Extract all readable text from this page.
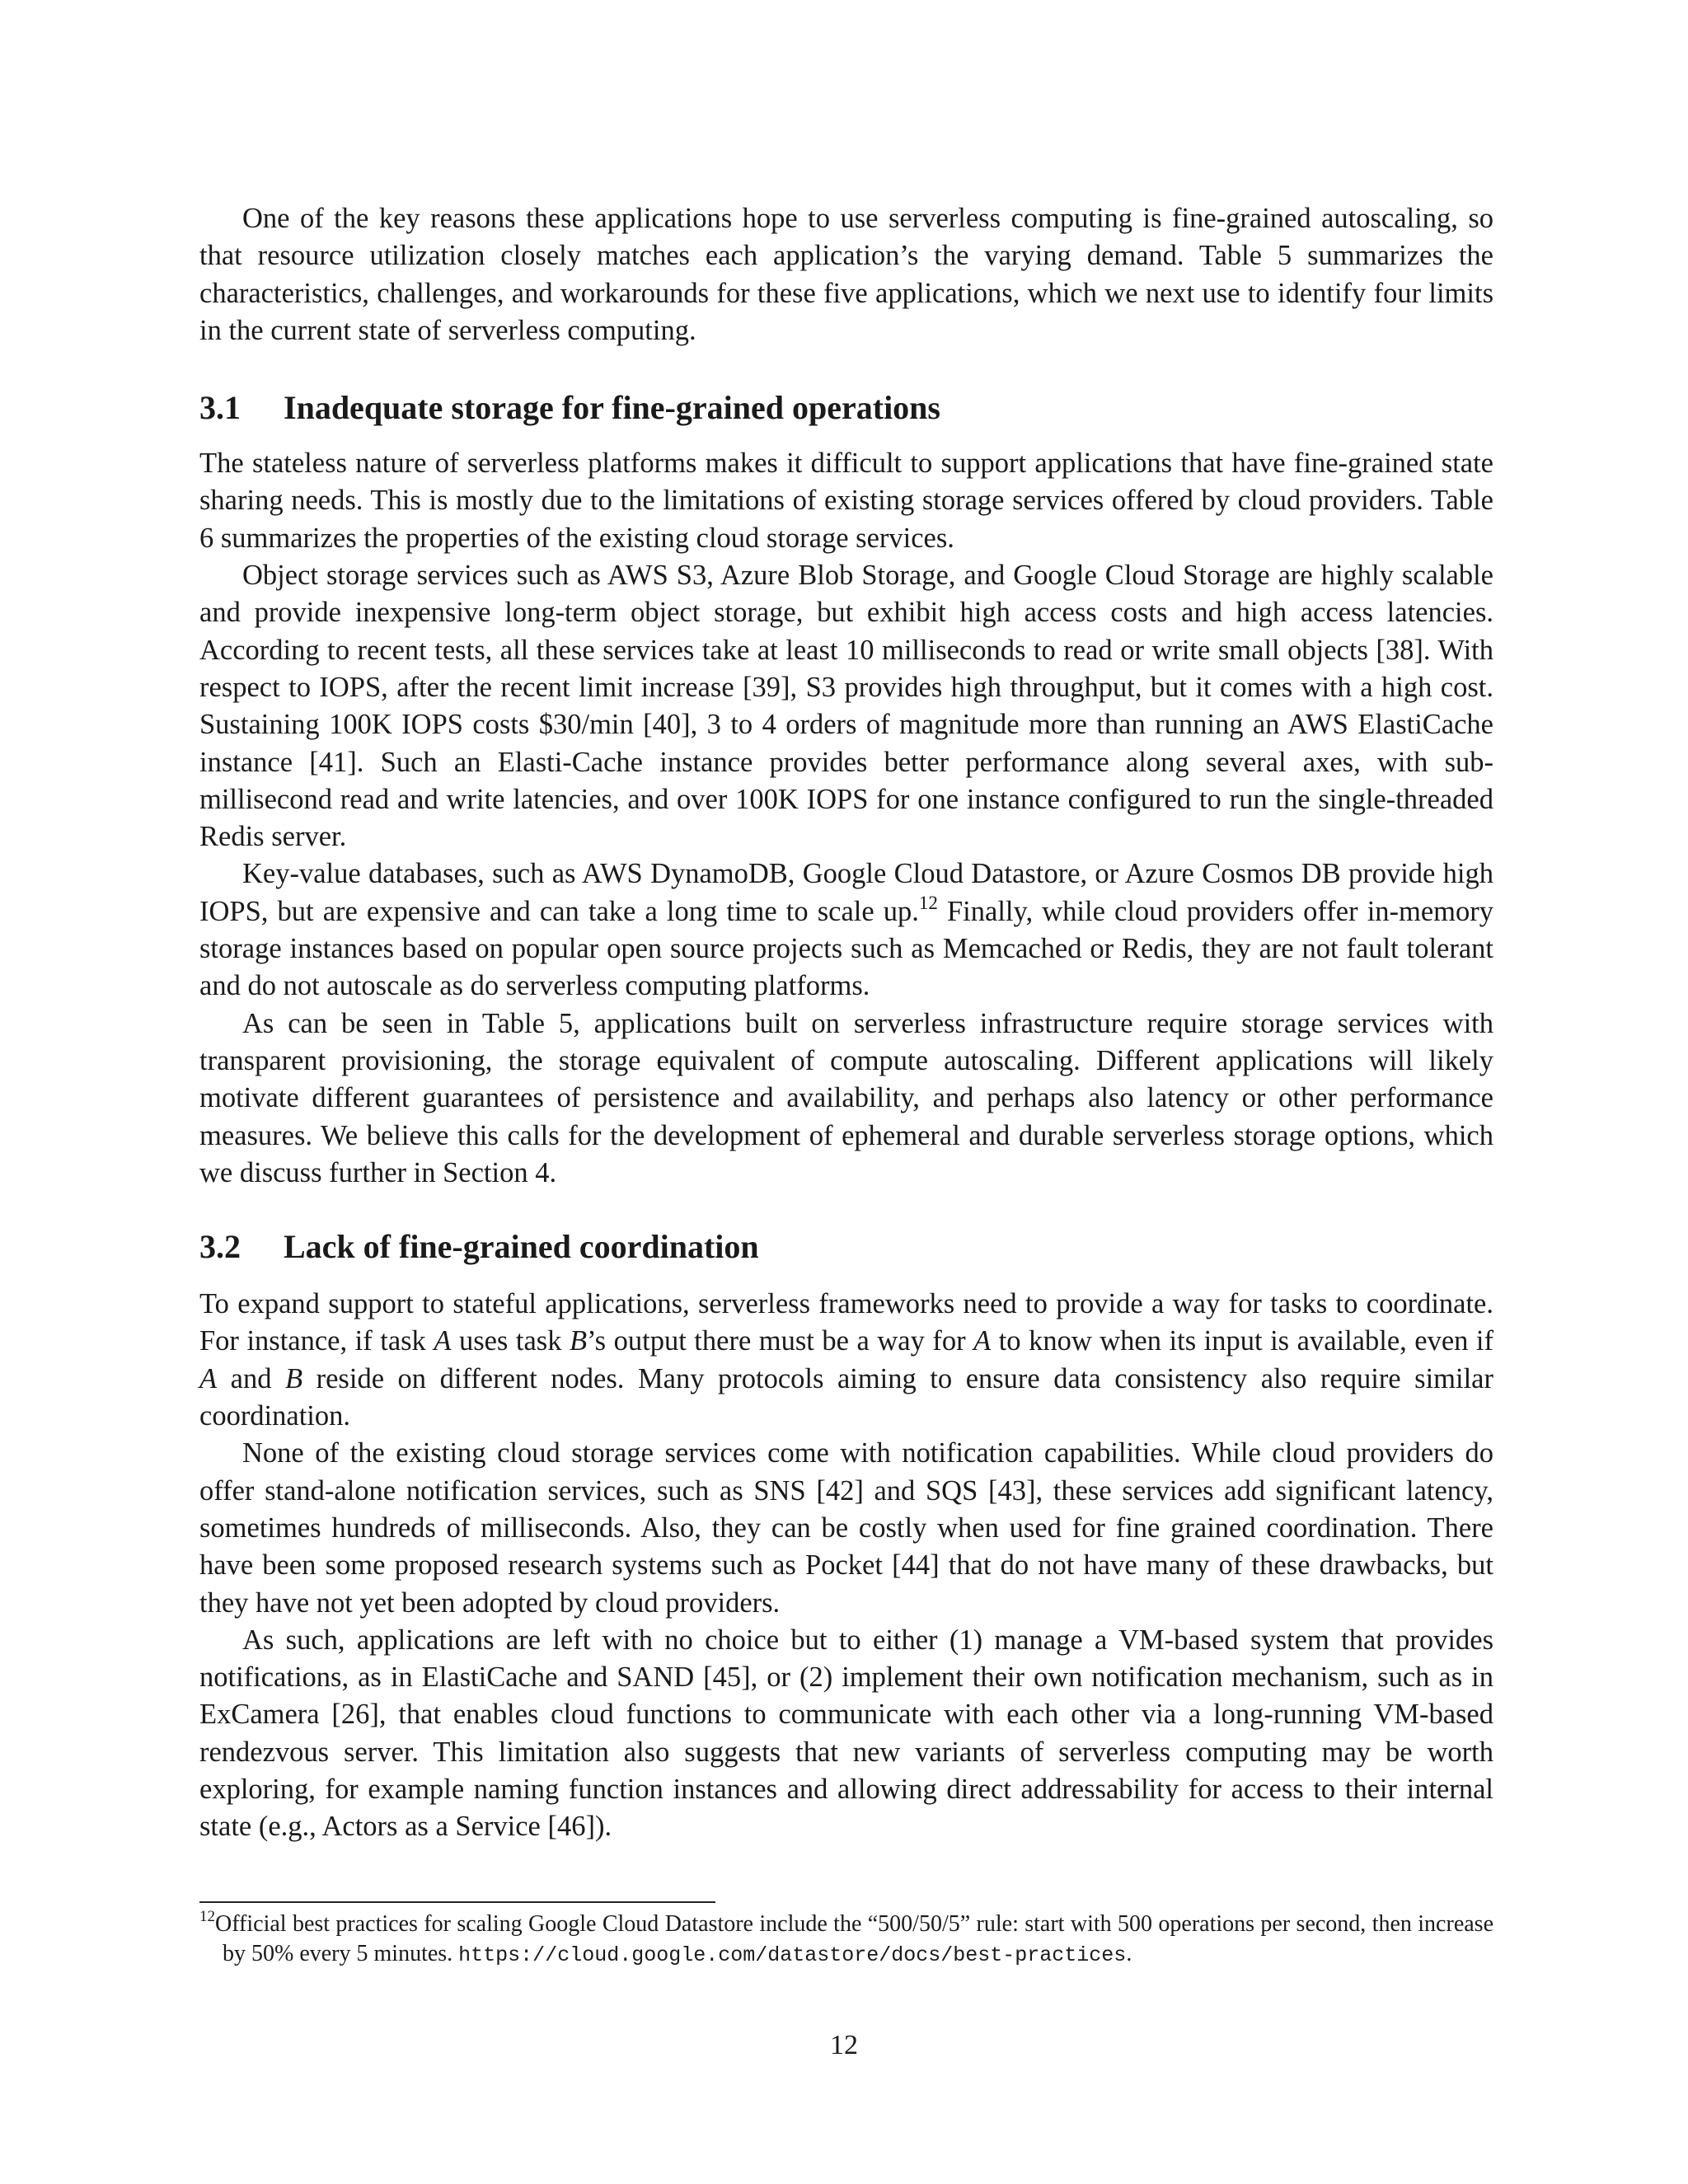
One of the key reasons these applications hope to use serverless computing is fine-grained autoscaling, so that resource utilization closely matches each application’s the varying demand. Table 5 summarizes the characteristics, challenges, and workarounds for these five applications, which we next use to identify four limits in the current state of serverless computing.

3.1 Inadequate storage for fine-grained operations

The stateless nature of serverless platforms makes it difficult to support applications that have fine-grained state sharing needs. This is mostly due to the limitations of existing storage services offered by cloud providers. Table 6 summarizes the properties of the existing cloud storage services.

Object storage services such as AWS S3, Azure Blob Storage, and Google Cloud Storage are highly scalable and provide inexpensive long-term object storage, but exhibit high access costs and high access latencies. According to recent tests, all these services take at least 10 milliseconds to read or write small objects [38]. With respect to IOPS, after the recent limit increase [39], S3 provides high throughput, but it comes with a high cost. Sustaining 100K IOPS costs $30/min [40], 3 to 4 orders of magnitude more than running an AWS ElastiCache instance [41]. Such an Elasti-Cache instance provides better performance along several axes, with sub-millisecond read and write latencies, and over 100K IOPS for one instance configured to run the single-threaded Redis server.

Key-value databases, such as AWS DynamoDB, Google Cloud Datastore, or Azure Cosmos DB provide high IOPS, but are expensive and can take a long time to scale up.$^{12}$ Finally, while cloud providers offer in-memory storage instances based on popular open source projects such as Memcached or Redis, they are not fault tolerant and do not autoscale as do serverless computing platforms.

As can be seen in Table 5, applications built on serverless infrastructure require storage services with transparent provisioning, the storage equivalent of compute autoscaling. Different applications will likely motivate different guarantees of persistence and availability, and perhaps also latency or other performance measures. We believe this calls for the development of ephemeral and durable serverless storage options, which we discuss further in Section 4.

3.2 Lack of fine-grained coordination

To expand support to stateful applications, serverless frameworks need to provide a way for tasks to coordinate. For instance, if task A uses task B’s output there must be a way for A to know when its input is available, even if A and B reside on different nodes. Many protocols aiming to ensure data consistency also require similar coordination.

None of the existing cloud storage services come with notification capabilities. While cloud providers do offer stand-alone notification services, such as SNS [42] and SQS [43], these services add significant latency, sometimes hundreds of milliseconds. Also, they can be costly when used for fine grained coordination. There have been some proposed research systems such as Pocket [44] that do not have many of these drawbacks, but they have not yet been adopted by cloud providers.

As such, applications are left with no choice but to either (1) manage a VM-based system that provides notifications, as in ElastiCache and SAND [45], or (2) implement their own notification mechanism, such as in ExCamera [26], that enables cloud functions to communicate with each other via a long-running VM-based rendezvous server. This limitation also suggests that new variants of serverless computing may be worth exploring, for example naming function instances and allowing direct addressability for access to their internal state (e.g., Actors as a Service [46]).

$^{12}$Official best practices for scaling Google Cloud Datastore include the “500/50/5” rule: start with 500 operations per second, then increase by 50% every 5 minutes. https://cloud.google.com/datastore/docs/best-practices.
12
